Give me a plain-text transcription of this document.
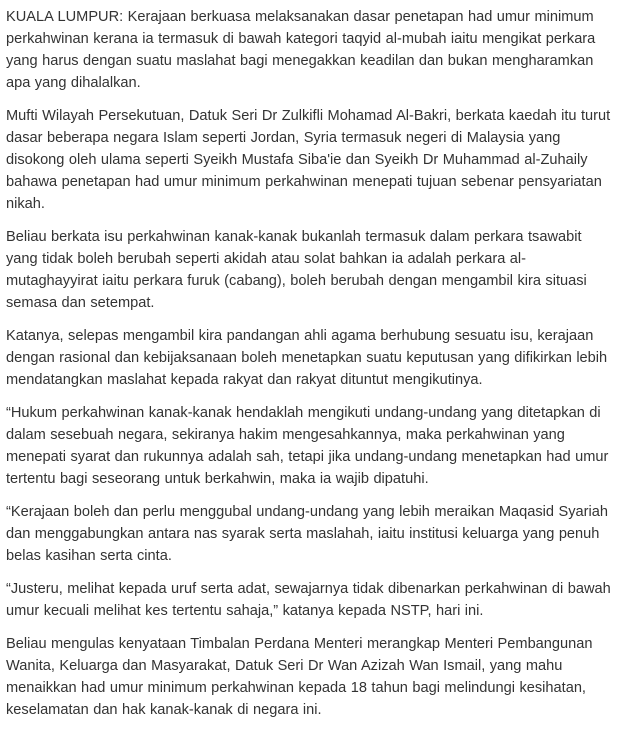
KUALA LUMPUR: Kerajaan berkuasa melaksanakan dasar penetapan had umur minimum perkahwinan kerana ia termasuk di bawah kategori taqyid al-mubah iaitu mengikat perkara yang harus dengan suatu maslahat bagi menegakkan keadilan dan bukan mengharamkan apa yang dihalalkan.

Mufti Wilayah Persekutuan, Datuk Seri Dr Zulkifli Mohamad Al-Bakri, berkata kaedah itu turut dasar beberapa negara Islam seperti Jordan, Syria termasuk negeri di Malaysia yang disokong oleh ulama seperti Syeikh Mustafa Siba'ie dan Syeikh Dr Muhammad al-Zuhaily bahawa penetapan had umur minimum perkahwinan menepati tujuan sebenar pensyariatan nikah.

Beliau berkata isu perkahwinan kanak-kanak bukanlah termasuk dalam perkara tsawabit yang tidak boleh berubah seperti akidah atau solat bahkan ia adalah perkara al-mutaghayyirat iaitu perkara furuk (cabang), boleh berubah dengan mengambil kira situasi semasa dan setempat.

Katanya, selepas mengambil kira pandangan ahli agama berhubung sesuatu isu, kerajaan dengan rasional dan kebijaksanaan boleh menetapkan suatu keputusan yang difikirkan lebih mendatangkan maslahat kepada rakyat dan rakyat dituntut mengikutinya.

“Hukum perkahwinan kanak-kanak hendaklah mengikuti undang-undang yang ditetapkan di dalam sesebuah negara, sekiranya hakim mengesahkannya, maka perkahwinan yang menepati syarat dan rukunnya adalah sah, tetapi jika undang-undang menetapkan had umur tertentu bagi seseorang untuk berkahwin, maka ia wajib dipatuhi.

“Kerajaan boleh dan perlu menggubal undang-undang yang lebih meraikan Maqasid Syariah dan menggabungkan antara nas syarak serta maslahah, iaitu institusi keluarga yang penuh belas kasihan serta cinta.

“Justeru, melihat kepada uruf serta adat, sewajarnya tidak dibenarkan perkahwinan di bawah umur kecuali melihat kes tertentu sahaja,” katanya kepada NSTP, hari ini.

Beliau mengulas kenyataan Timbalan Perdana Menteri merangkap Menteri Pembangunan Wanita, Keluarga dan Masyarakat, Datuk Seri Dr Wan Azizah Wan Ismail, yang mahu menaikkan had umur minimum perkahwinan kepada 18 tahun bagi melindungi kesihatan, keselamatan dan hak kanak-kanak di negara ini.
